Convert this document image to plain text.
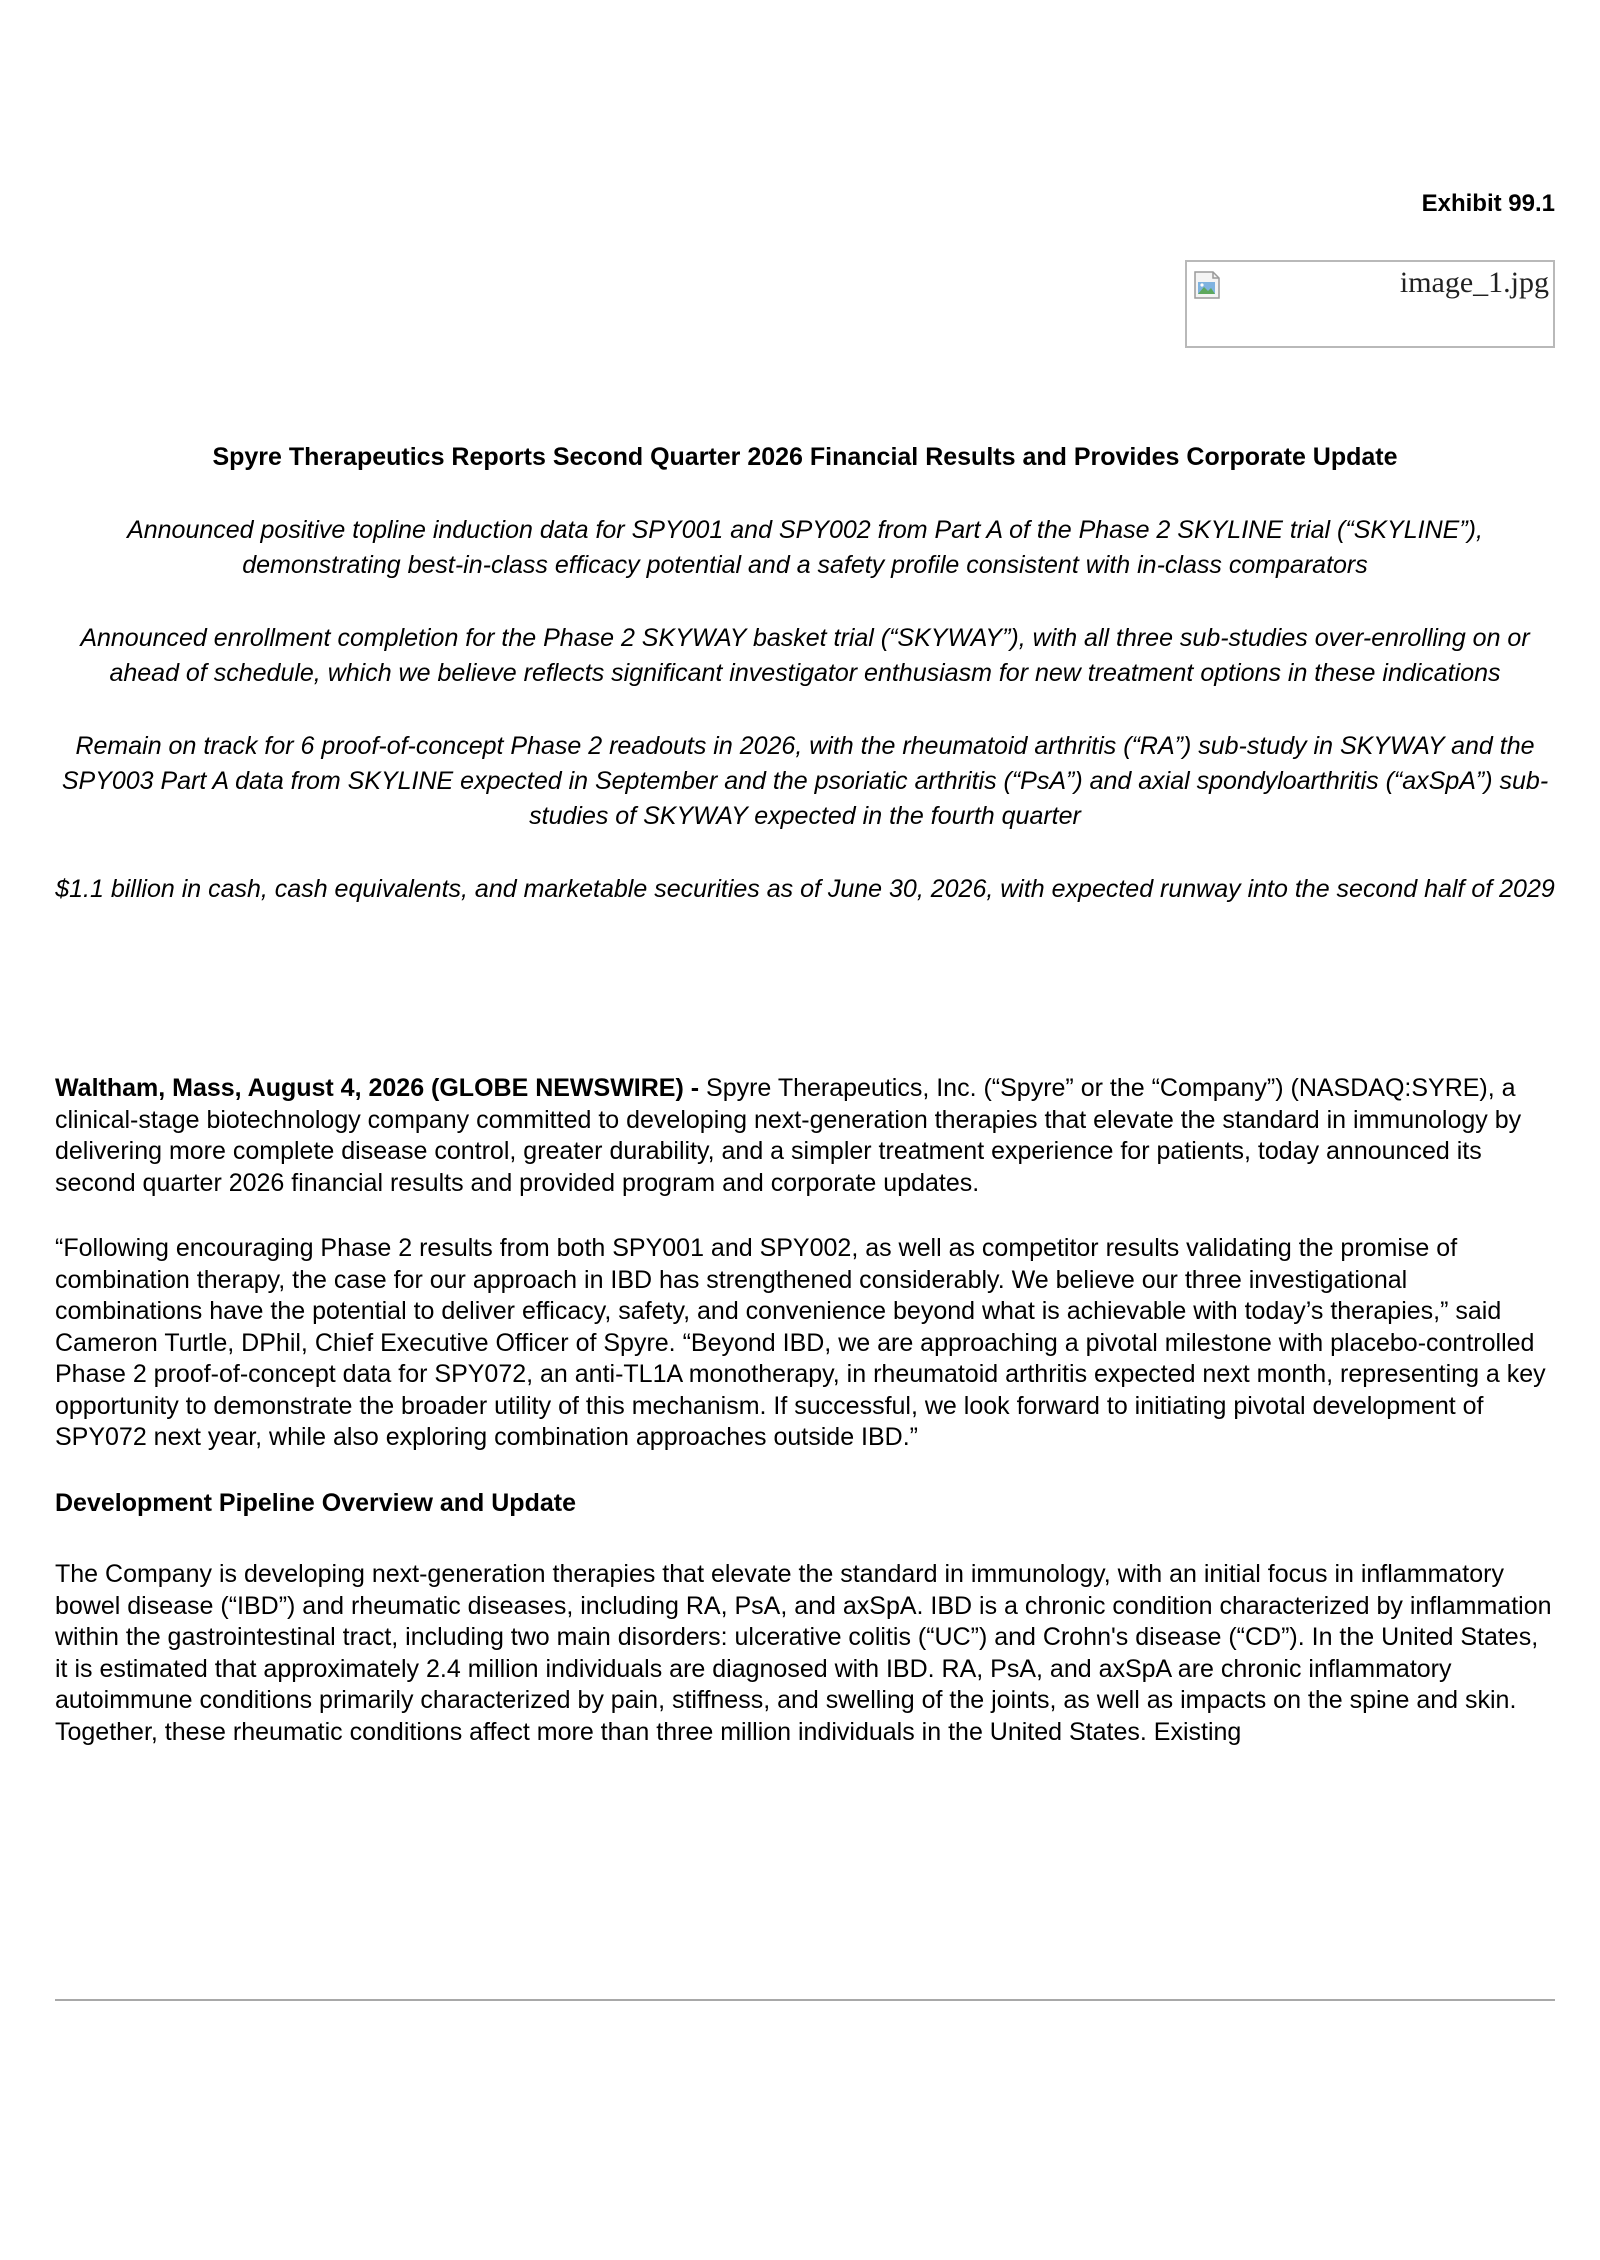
Exhibit 99.1
image_1.jpg
Spyre Therapeutics Reports Second Quarter 2026 Financial Results and Provides Corporate Update

Announced positive topline induction data for SPY001 and SPY002 from Part A of the Phase 2 SKYLINE trial (“SKYLINE”), demonstrating best-in-class efficacy potential and a safety profile consistent with in-class comparators

Announced enrollment completion for the Phase 2 SKYWAY basket trial (“SKYWAY”), with all three sub-studies over-enrolling on or ahead of schedule, which we believe reflects significant investigator enthusiasm for new treatment options in these indications

Remain on track for 6 proof-of-concept Phase 2 readouts in 2026, with the rheumatoid arthritis (“RA”) sub-study in SKYWAY and the SPY003 Part A data from SKYLINE expected in September and the psoriatic arthritis (“PsA”) and axial spondyloarthritis (“axSpA”) sub-studies of SKYWAY expected in the fourth quarter

$1.1 billion in cash, cash equivalents, and marketable securities as of June 30, 2026, with expected runway into the second half of 2029

Waltham, Mass, August 4, 2026 (GLOBE NEWSWIRE) - Spyre Therapeutics, Inc. (“Spyre” or the “Company”) (NASDAQ:SYRE), a clinical-stage biotechnology company committed to developing next-generation therapies that elevate the standard in immunology by delivering more complete disease control, greater durability, and a simpler treatment experience for patients, today announced its second quarter 2026 financial results and provided program and corporate updates.

“Following encouraging Phase 2 results from both SPY001 and SPY002, as well as competitor results validating the promise of combination therapy, the case for our approach in IBD has strengthened considerably. We believe our three investigational combinations have the potential to deliver efficacy, safety, and convenience beyond what is achievable with today’s therapies,” said Cameron Turtle, DPhil, Chief Executive Officer of Spyre. “Beyond IBD, we are approaching a pivotal milestone with placebo-controlled Phase 2 proof-of-concept data for SPY072, an anti-TL1A monotherapy, in rheumatoid arthritis expected next month, representing a key opportunity to demonstrate the broader utility of this mechanism. If successful, we look forward to initiating pivotal development of SPY072 next year, while also exploring combination approaches outside IBD.”

Development Pipeline Overview and Update

The Company is developing next-generation therapies that elevate the standard in immunology, with an initial focus in inflammatory bowel disease (“IBD”) and rheumatic diseases, including RA, PsA, and axSpA. IBD is a chronic condition characterized by inflammation within the gastrointestinal tract, including two main disorders: ulcerative colitis (“UC”) and Crohn's disease (“CD”). In the United States, it is estimated that approximately 2.4 million individuals are diagnosed with IBD. RA, PsA, and axSpA are chronic inflammatory autoimmune conditions primarily characterized by pain, stiffness, and swelling of the joints, as well as impacts on the spine and skin. Together, these rheumatic conditions affect more than three million individuals in the United States. Existing
